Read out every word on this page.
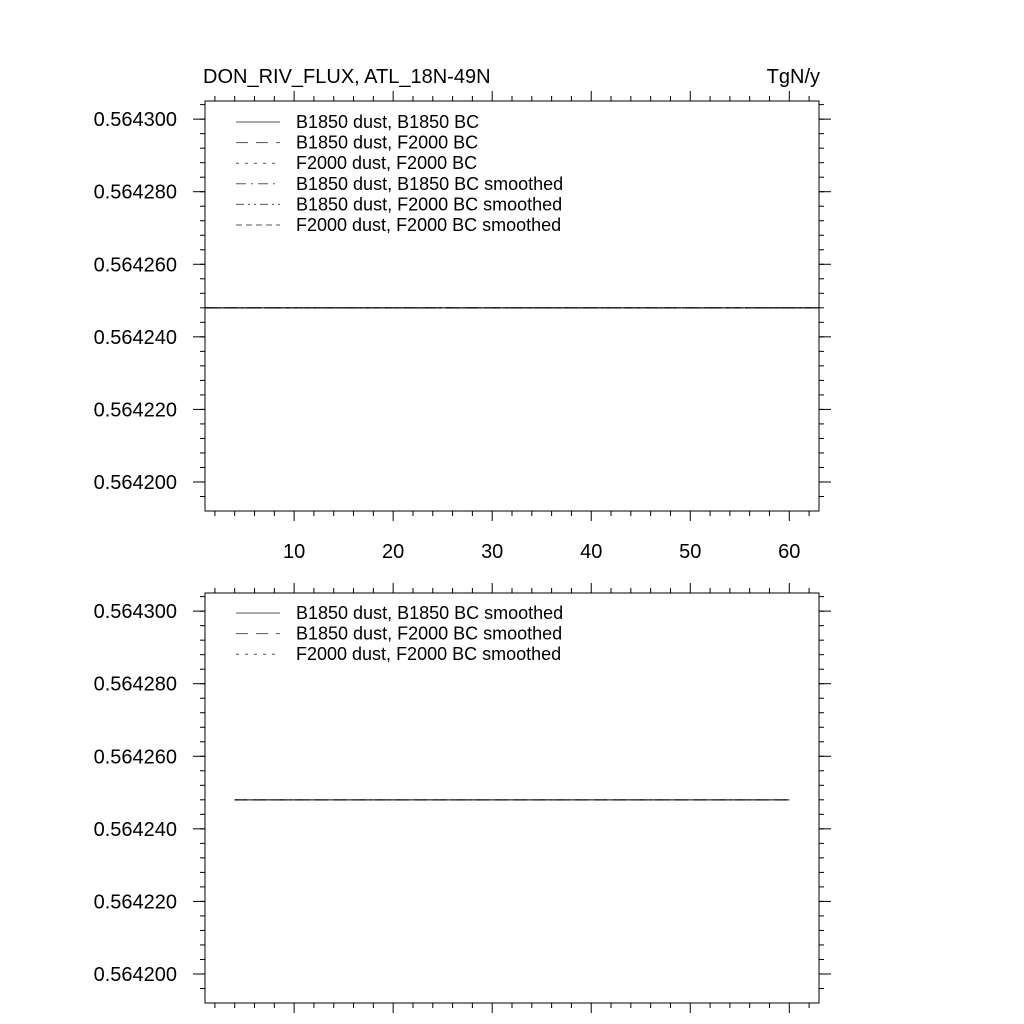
DON_RIV_FLUX, ATL_18N-49N	TgN/y
10	20	30	40	50	60
0.564300
0.564280
0.564260
0.564240
0.564220
0.564200
B1850 dust, B1850 BC
B1850 dust, F2000 BC
F2000 dust, F2000 BC
B1850 dust, B1850 BC smoothed
B1850 dust, F2000 BC smoothed
F2000 dust, F2000 BC smoothed
0.564300
0.564280
0.564260
0.564240
0.564220
0.564200
B1850 dust, B1850 BC smoothed
B1850 dust, F2000 BC smoothed
F2000 dust, F2000 BC smoothed
